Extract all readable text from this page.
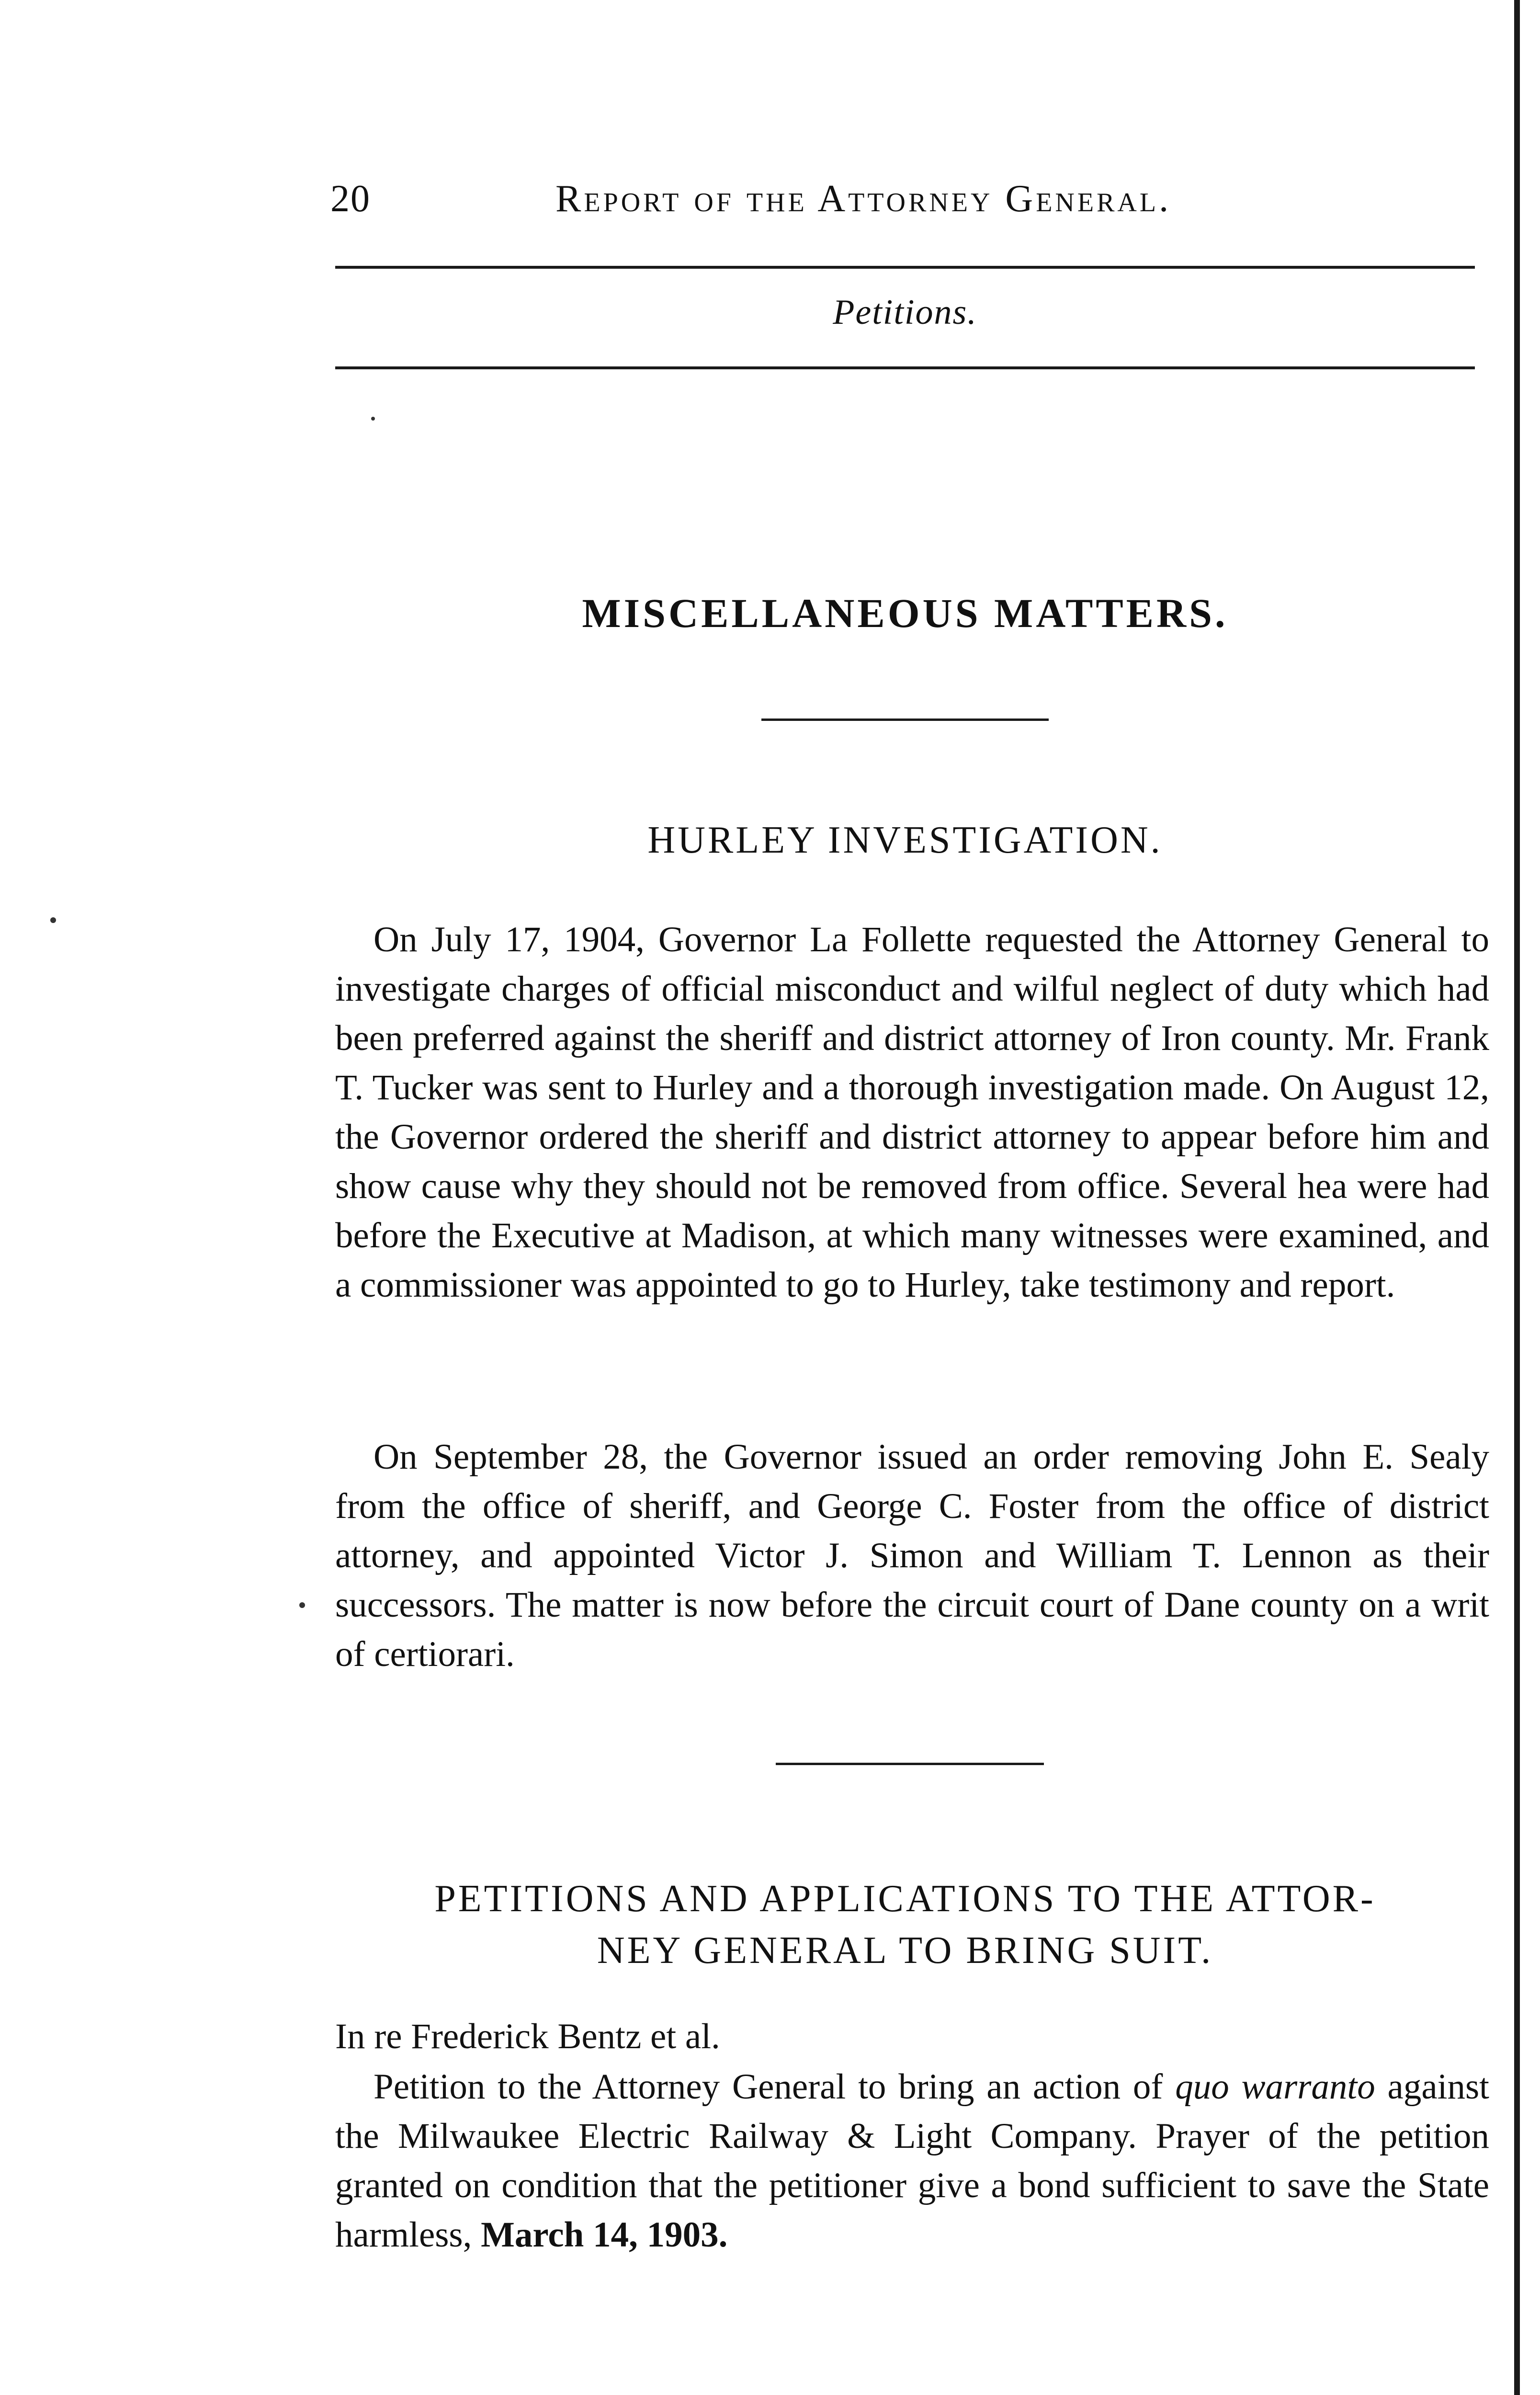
20	Report of the Attorney General.
Petitions.
MISCELLANEOUS MATTERS.
HURLEY INVESTIGATION.

On July 17, 1904, Governor La Follette requested the Attorney General to investigate charges of official misconduct and wilful neglect of duty which had been preferred against the sheriff and district attorney of Iron county. Mr. Frank T. Tucker was sent to Hurley and a thorough investigation made. On August 12, the Governor ordered the sheriff and district attorney to appear before him and show cause why they should not be removed from office. Several hea were had before the Executive at Madison, at which many witnesses were examined, and a commissioner was appointed to go to Hurley, take testimony and report.

On September 28, the Governor issued an order removing John E. Sealy from the office of sheriff, and George C. Foster from the office of district attorney, and appointed Victor J. Simon and William T. Lennon as their successors. The matter is now before the circuit court of Dane county on a writ of certiorari.

PETITIONS AND APPLICATIONS TO THE ATTOR-
NEY GENERAL TO BRING SUIT.

In re Frederick Bentz et al.

Petition to the Attorney General to bring an action of quo warranto against the Milwaukee Electric Railway & Light Company. Prayer of the petition granted on condition that the petitioner give a bond sufficient to save the State harmless, March 14, 1903.
